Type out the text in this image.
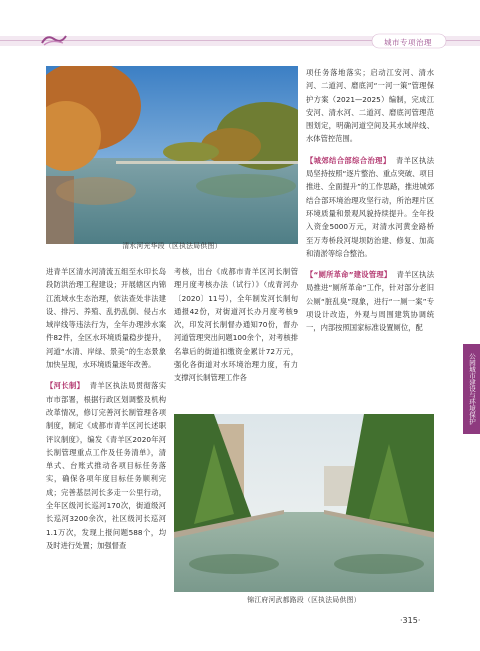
城市专项治理
清水河光华段（区执法局供图）

进青羊区清水河清流五组至水印长岛段防洪治理工程建设；开展辖区内锦江流域水生态治理，依法查处非法建设、排污、养殖、乱扔乱倒、侵占水域岸线等违法行为，全年办理涉水案件82件，全区水环境质量稳步提升，河道“水清、岸绿、景美”的生态景象加快呈现，水环境质量逐年改善。

【河长制】 青羊区执法局贯彻落实市市部署，根据行政区划调整及机构改革情况，修订完善河长制管理各项制度，制定《成都市青羊区河长述职评议制度》，编发《青羊区2020年河长制管理重点工作及任务清单》，清单式、台账式推动各项目标任务落实，确保各项年度目标任务顺利完成；完善基层河长多走一公里行动，全年区级河长巡河170次，街道级河长巡河3200余次，社区级河长巡河1.1万次，发现上报问题588个，均及时进行处置；加强督查

考核，出台《成都市青羊区河长制管理月度考核办法（试行）》（成青河办〔2020〕11号），全年制发河长制旬通报42份，对街道河长办月度考核9次，印发河长制督办通知70份，督办河道管理突出问题100余个，对考核排名靠后的街道扣缴资金累计72万元，强化各街道对水环境治理力度，有力支撑河长制管理工作各

锦江府河武都路段（区执法局供图）

项任务落地落实；启动江安河、清水河、二道河、磨底河“一河一策”管理保护方案（2021—2025）编制，完成江安河、清水河、二道河、磨底河管理范围划定，明确河道空间及其水域岸线、水体管控范围。

【城郊结合部综合治理】 青羊区执法局坚持按照“逐片整治、重点突破、项目推进、全面提升”的工作思路，推进城郊结合部环境治理攻坚行动，所治理片区环境质量和景观风貌持续提升。全年投入资金5000万元，对清水河黄金路桥至万寿桥段河堤坝防治建、修复、加高和清淤等综合整治。

【“厕所革命”建设管理】 青羊区执法局推进“厕所革命”工作，针对部分老旧公厕“脏乱臭”现象，进行“一厕一案”专项设计改造，外观与周围建筑协调统一，内部按照国家标准设置厕位，配

公园城市建设与环境保护
·315·
